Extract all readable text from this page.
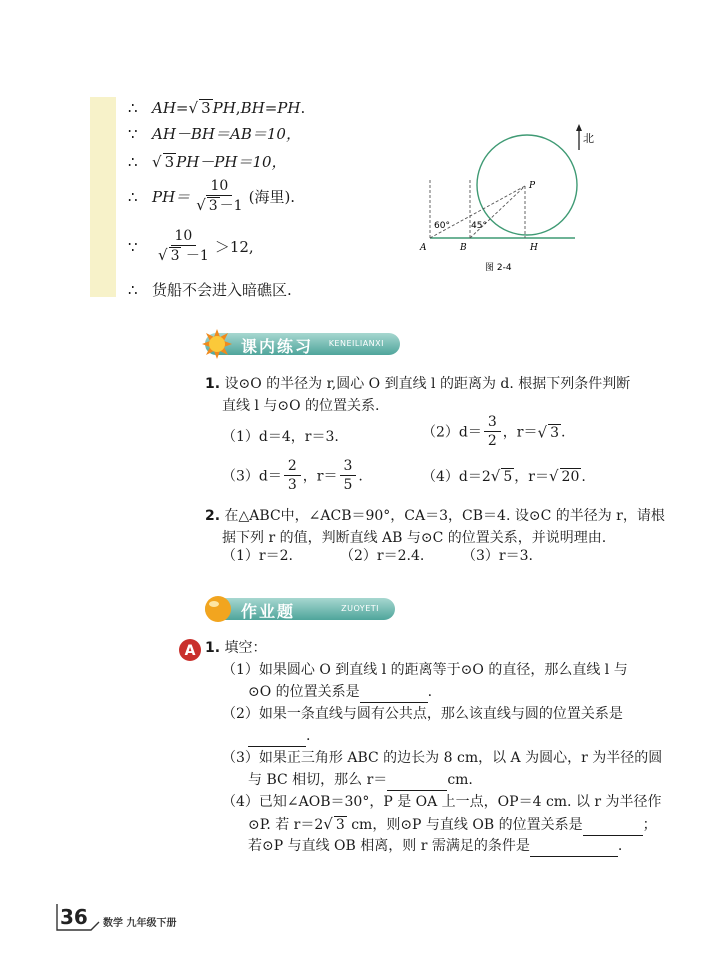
∴ AH=√ 3 PH,BH=PH.
∵ AH－BH＝AB＝10，
∴ √ 3 PH－PH＝10，
∴ $PH= \frac{10}{√ 3 -1}$ (海里).
∵ $\frac{10}{√ 3 -1} >12$,
∴ 货船不会进入暗礁区.
北
P
A	B	H
60° 45°
图 2-4
课内练习 KENEILIANXI
1. 设⊙O 的半径为 r,圆心 O 到直线 l 的距离为 d. 根据下列条件判断
直线 l 与⊙O 的位置关系.
（1）d＝4，r＝3.	$(2)d= \frac{3}{2}$ ，r＝√ 3 .
$(3)d= \frac{2}{3}$ ，$r= \frac{3}{5}$ .	（4）d＝2√ 5 ，r＝√ 20 .
2. 在△ABC中，∠ACB＝90°，CA＝3，CB＝4. 设⊙C 的半径为 r，请根
据下列 r 的值，判断直线 AB 与⊙C 的位置关系，并说明理由.
（1）r＝2.	（2）r＝2.4.	（3）r＝3.
作业题	ZUOYETI
A 1. 填空：
（1）如果圆心 O 到直线 l 的距离等于⊙O 的直径，那么直线 l 与
⊙O 的位置关系是	.
（2）如果一条直线与圆有公共点，那么该直线与圆的位置关系是
.
（3）如果正三角形 ABC 的边长为 8 cm，以 A 为圆心，r 为半径的圆
与 BC 相切，那么 r＝	cm.
（4）已知∠AOB＝30°，P 是 OA 上一点，OP＝4 cm. 以 r 为半径作
⊙P. 若 r＝2√ 3 cm，则⊙P 与直线 OB 的位置关系是	；
若⊙P 与直线 OB 相离，则 r 需满足的条件是	.
36 数学 九年级下册
